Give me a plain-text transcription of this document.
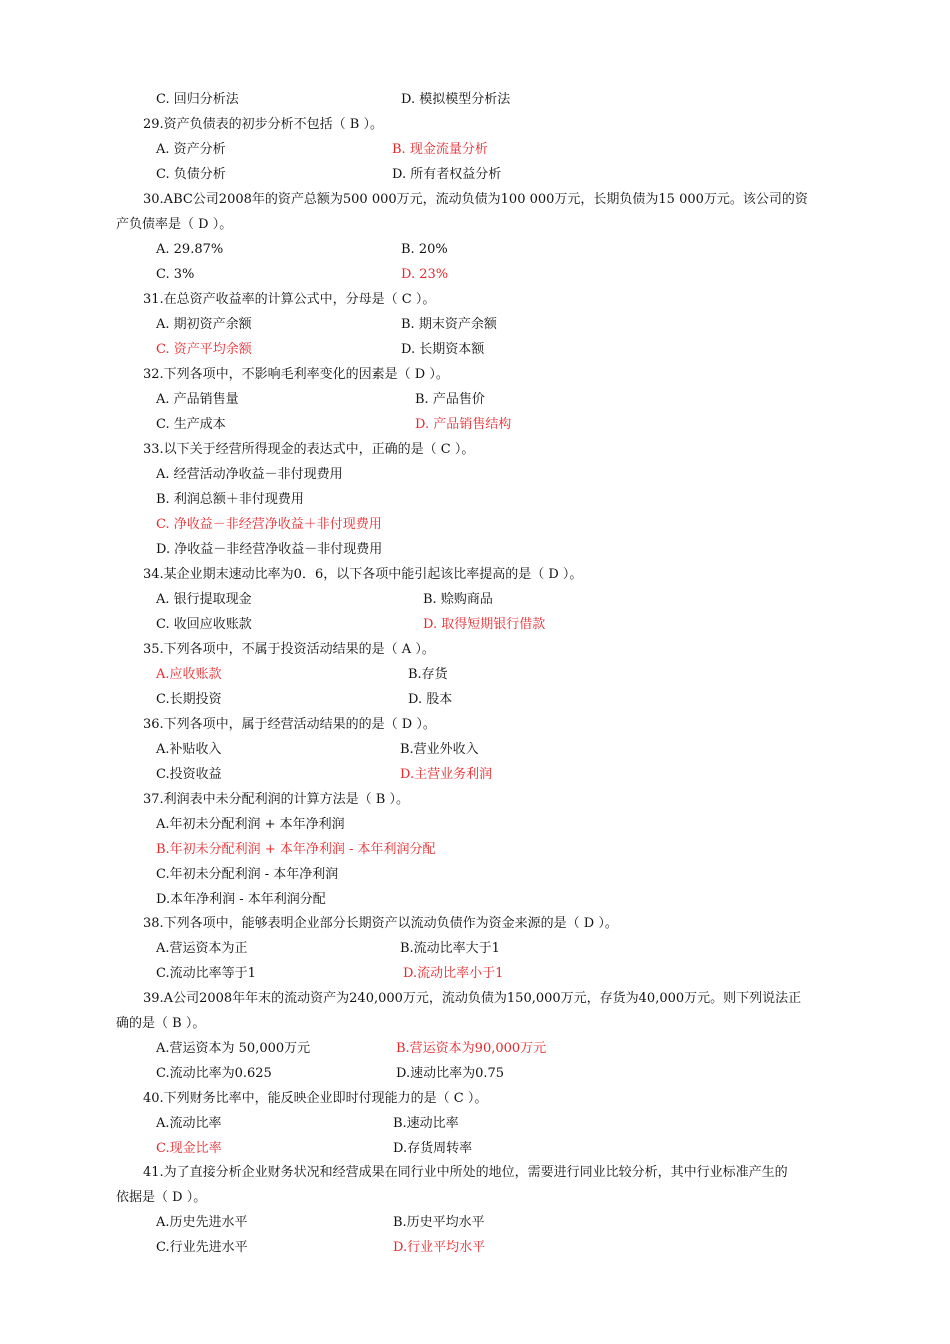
C. 回归分析法	D. 模拟模型分析法
29.资产负债表的初步分析不包括（ B ）。
A. 资产分析	B. 现金流量分析
C. 负债分析	D. 所有者权益分析
30.ABC公司2008年的资产总额为500 000万元，流动负债为100 000万元，长期负债为15 000万元。该公司的资
产负债率是（ D ）。
A. 29.87%	B. 20%
C. 3%	D. 23%
31.在总资产收益率的计算公式中，分母是（ C ）。
A. 期初资产余额	B. 期末资产余额
C. 资产平均余额	D. 长期资本额
32.下列各项中，不影响毛利率变化的因素是（ D ）。
A. 产品销售量	B. 产品售价
C. 生产成本	D. 产品销售结构
33.以下关于经营所得现金的表达式中，正确的是（ C ）。
A. 经营活动净收益－非付现费用
B. 利润总额＋非付现费用
C. 净收益－非经营净收益＋非付现费用
D. 净收益－非经营净收益－非付现费用
34.某企业期末速动比率为0．6，以下各项中能引起该比率提高的是（ D ）。
A. 银行提取现金	B. 赊购商品
C. 收回应收账款	D. 取得短期银行借款
35.下列各项中，不属于投资活动结果的是（ A ）。
A.应收账款	B.存货
C.长期投资	D. 股本
36.下列各项中，属于经营活动结果的的是（ D ）。
A.补贴收入	B.营业外收入
C.投资收益	D.主营业务利润
37.利润表中未分配利润的计算方法是（ B ）。
A.年初未分配利润 + 本年净利润
B.年初未分配利润 + 本年净利润 - 本年利润分配
C.年初未分配利润 - 本年净利润
D.本年净利润 - 本年利润分配
38.下列各项中，能够表明企业部分长期资产以流动负债作为资金来源的是（ D ）。
A.营运资本为正	B.流动比率大于1
C.流动比率等于1	D.流动比率小于1
39.A公司2008年年末的流动资产为240,000万元，流动负债为150,000万元，存货为40,000万元。则下列说法正
确的是（ B ）。
A.营运资本为 50,000万元	B.营运资本为90,000万元
C.流动比率为0.625	D.速动比率为0.75
40.下列财务比率中，能反映企业即时付现能力的是（ C ）。
A.流动比率	B.速动比率
C.现金比率	D.存货周转率
41.为了直接分析企业财务状况和经营成果在同行业中所处的地位，需要进行同业比较分析，其中行业标准产生的
依据是（ D ）。
A.历史先进水平	B.历史平均水平
C.行业先进水平	D.行业平均水平
